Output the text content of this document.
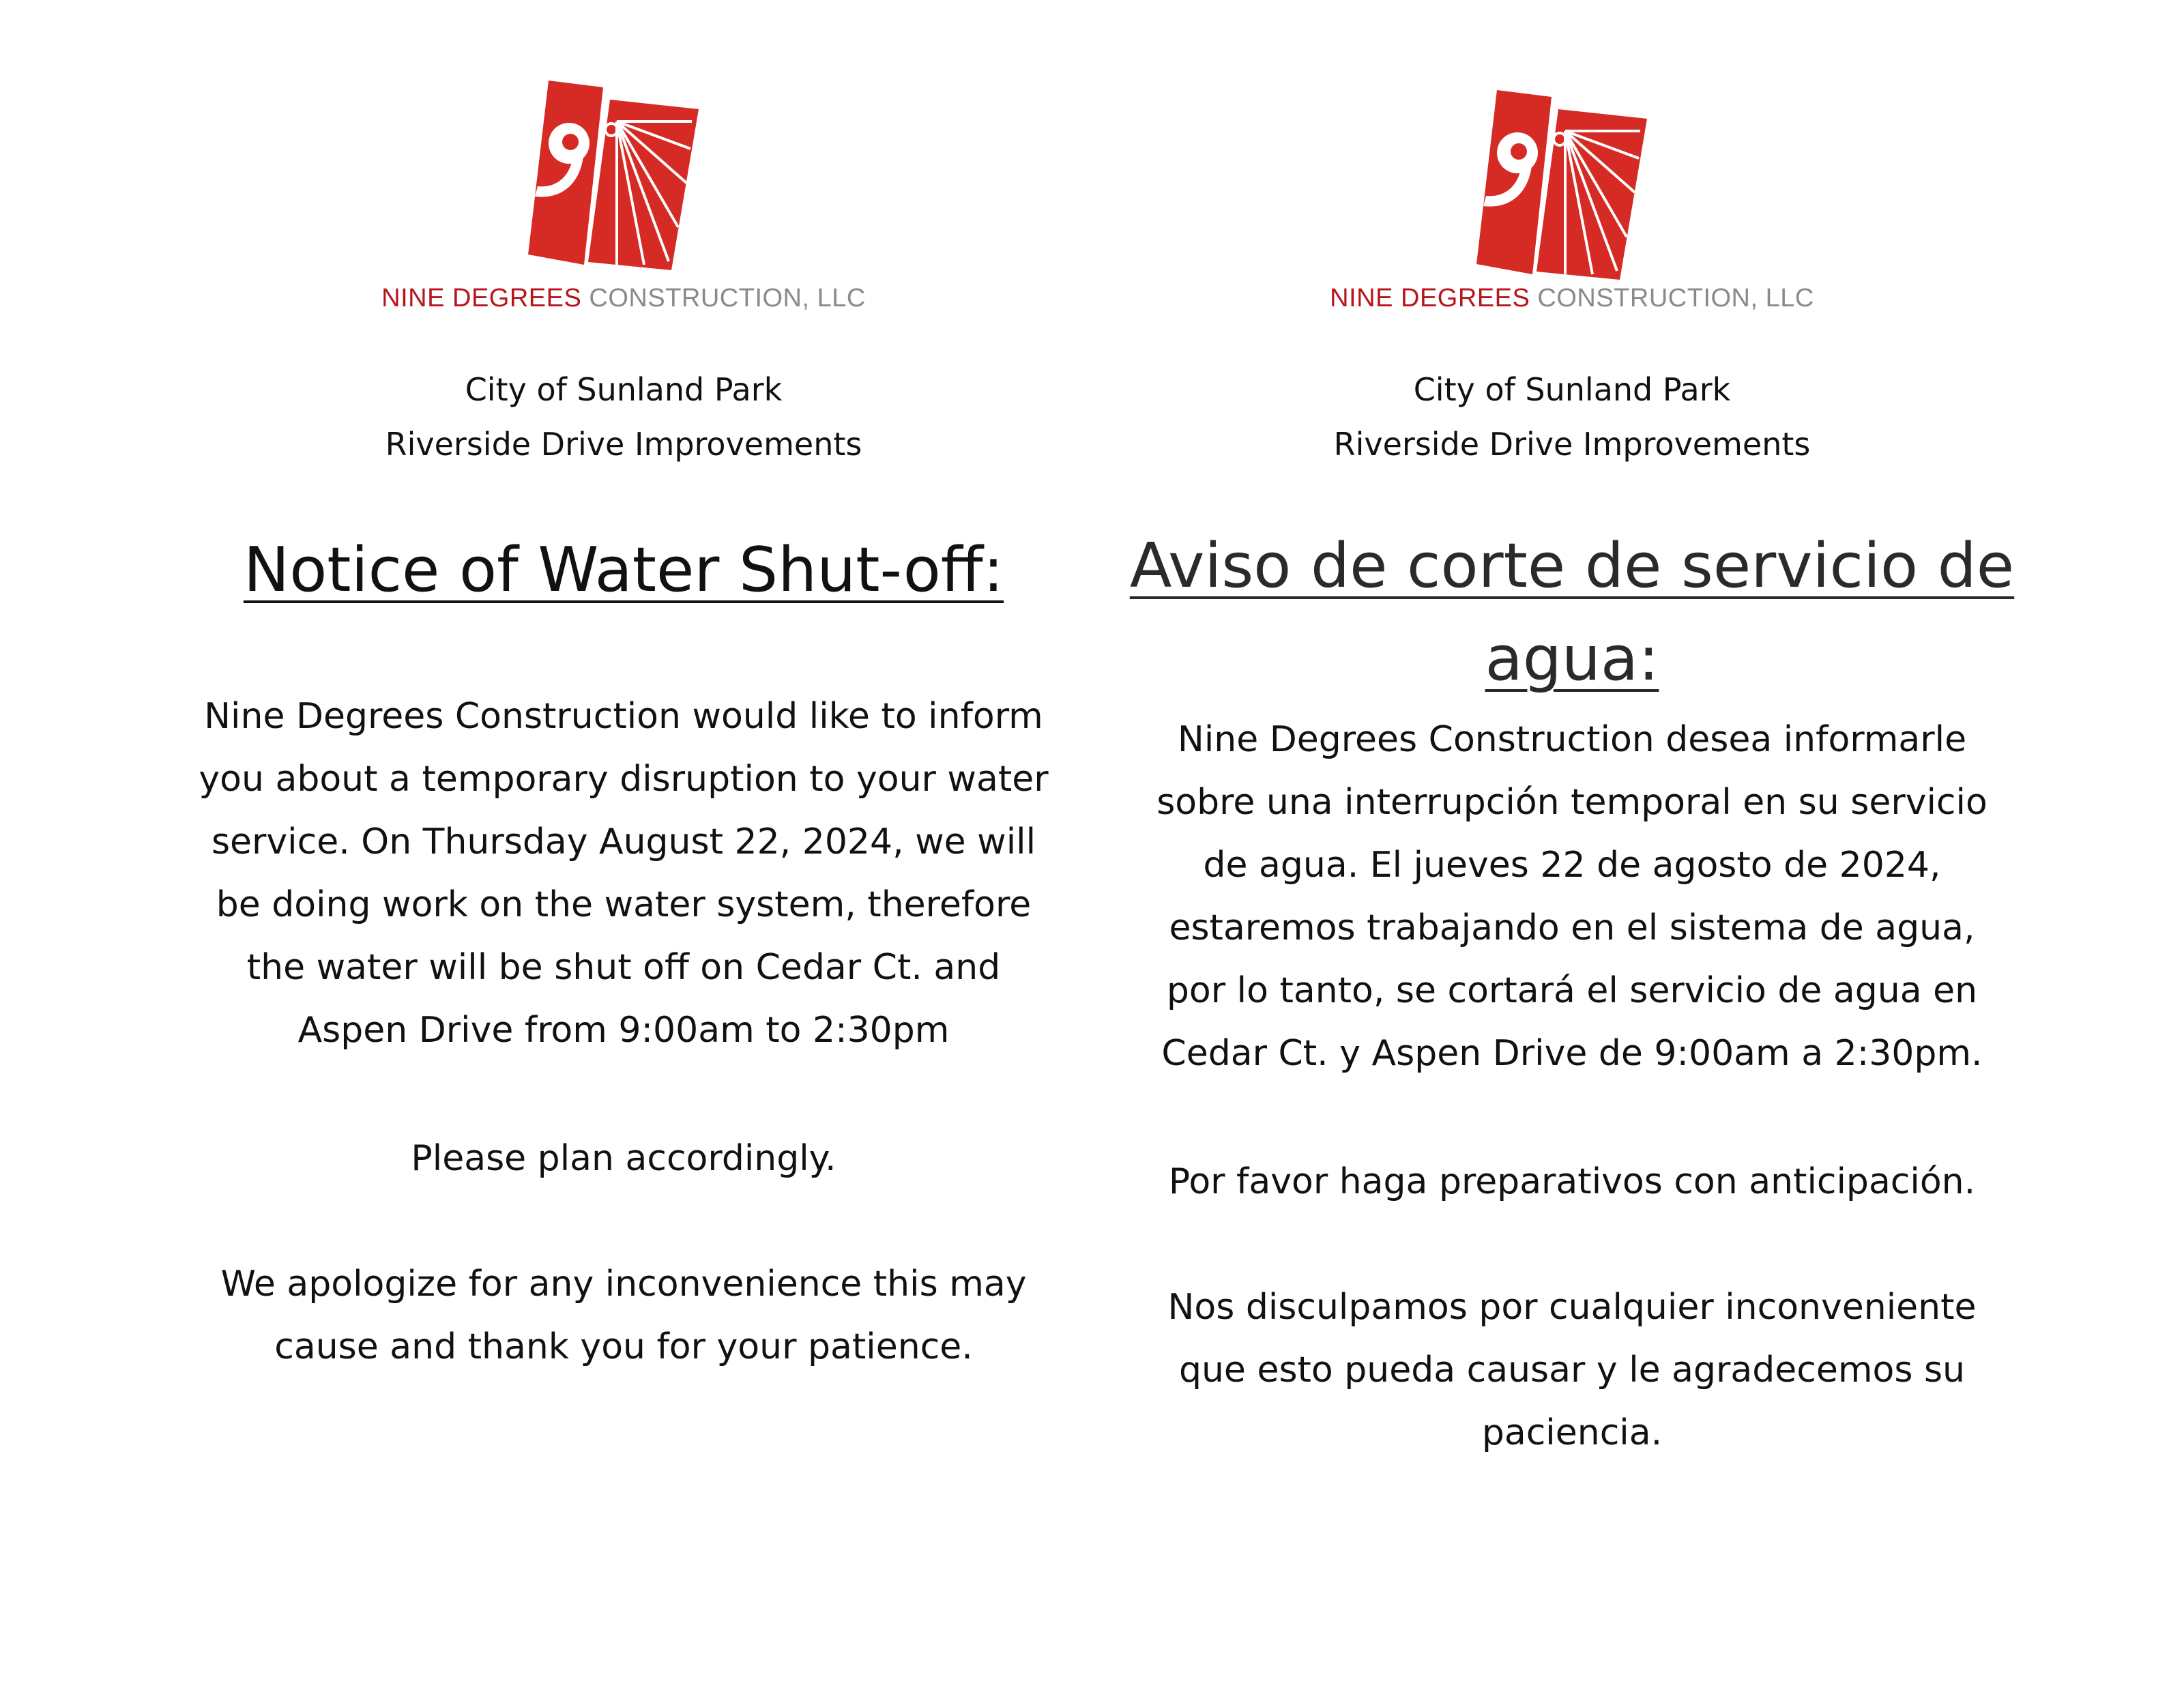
NINE DEGREES CONSTRUCTION, LLC
City of Sunland Park
Riverside Drive Improvements
Notice of Water Shut-off:
Nine Degrees Construction would like to inform
you about a temporary disruption to your water
service. On Thursday August 22, 2024, we will
be doing work on the water system, therefore
the water will be shut off on Cedar Ct. and
Aspen Drive from 9:00am to 2:30pm
Please plan accordingly.
We apologize for any inconvenience this may
cause and thank you for your patience.
NINE DEGREES CONSTRUCTION, LLC
City of Sunland Park
Riverside Drive Improvements
Aviso de corte de servicio de
agua:
Nine Degrees Construction desea informarle
sobre una interrupción temporal en su servicio
de agua. El jueves 22 de agosto de 2024,
estaremos trabajando en el sistema de agua,
por lo tanto, se cortará el servicio de agua en
Cedar Ct. y Aspen Drive de 9:00am a 2:30pm.
Por favor haga preparativos con anticipación.
Nos disculpamos por cualquier inconveniente
que esto pueda causar y le agradecemos su
paciencia.
